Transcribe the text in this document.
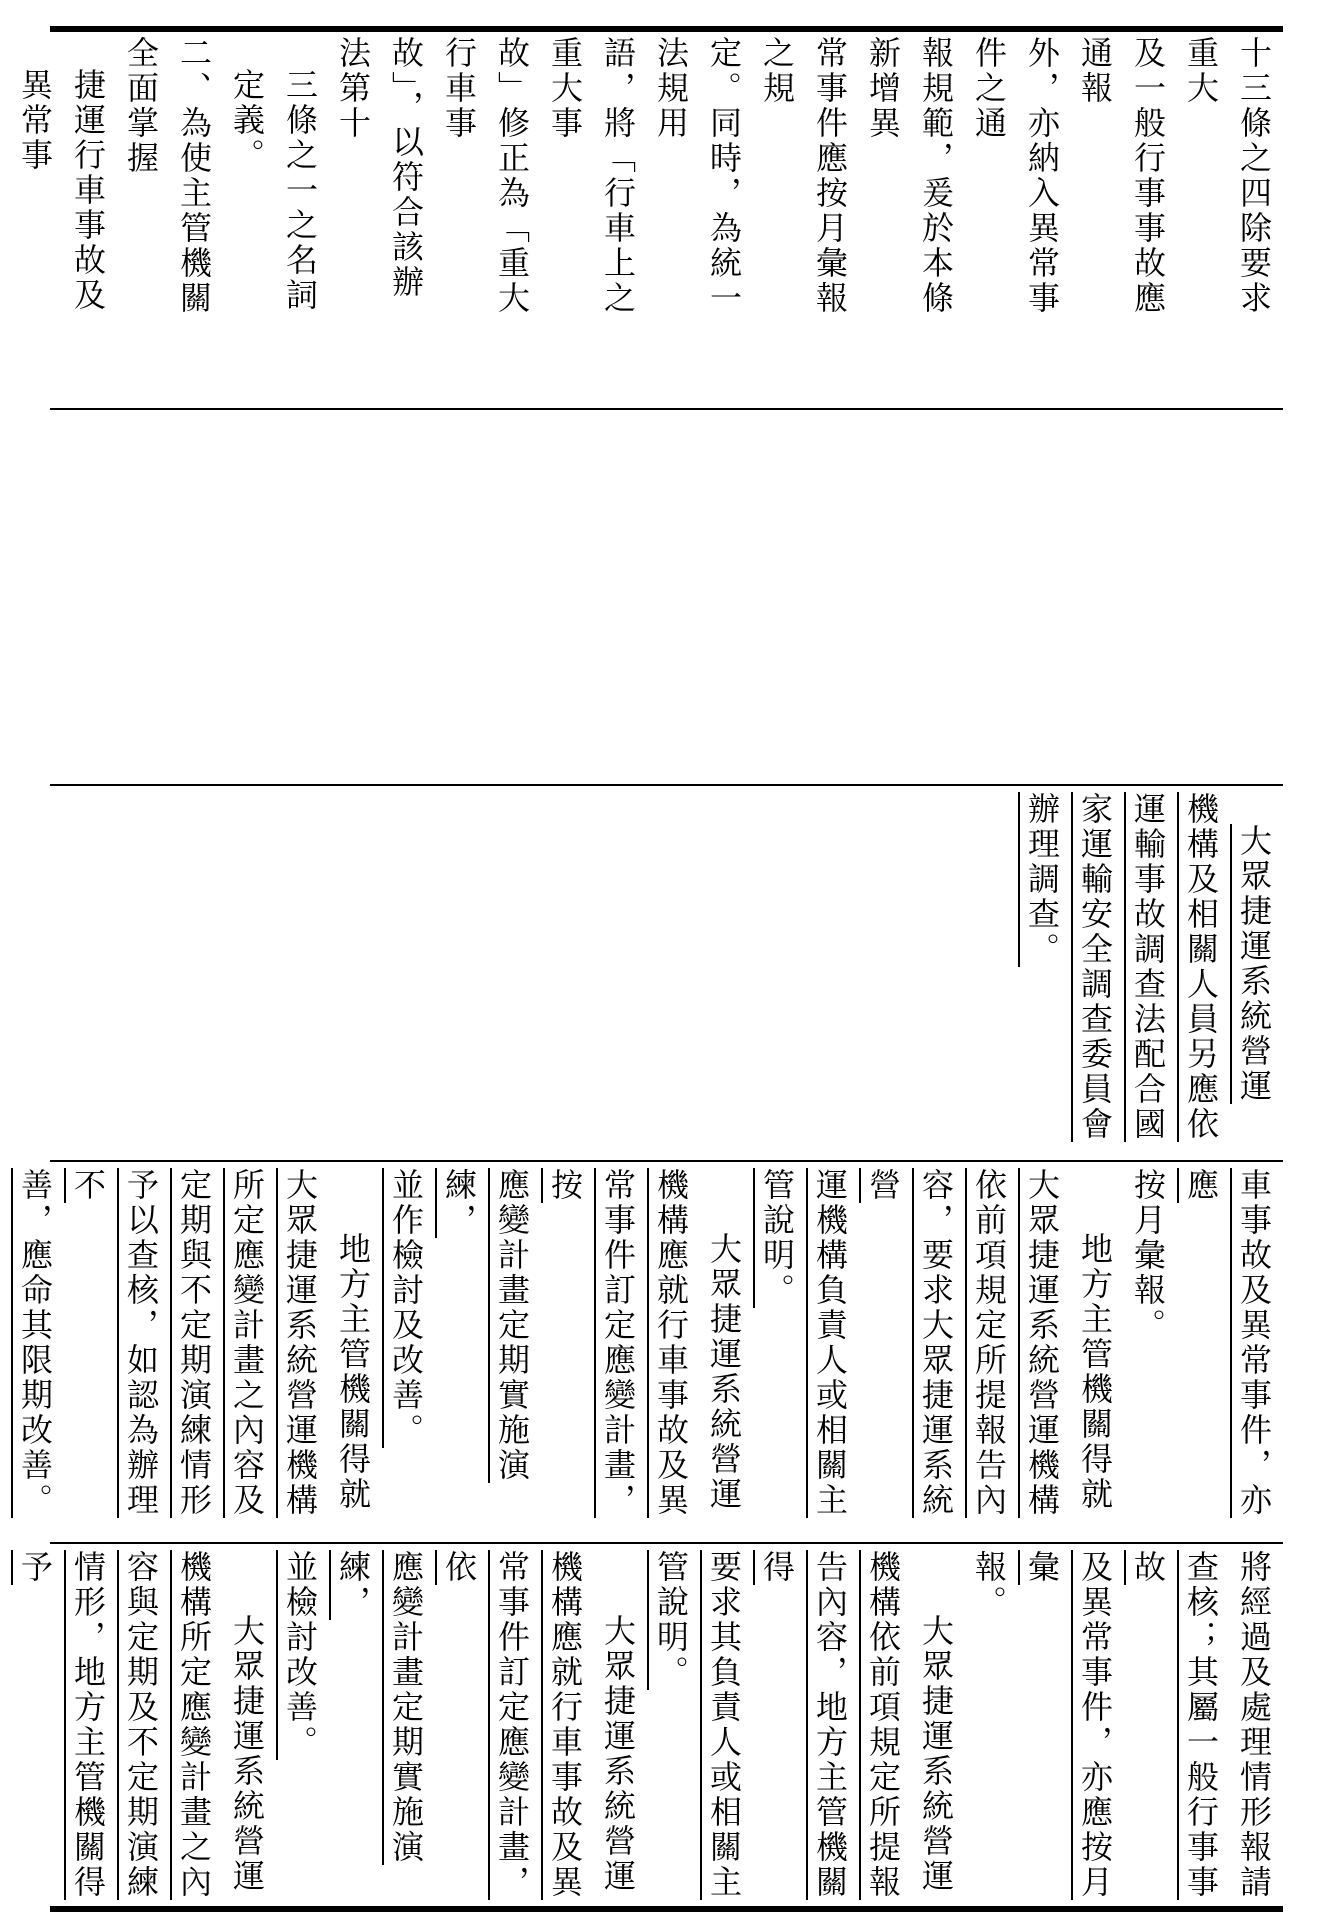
十三條之四除要求重大

及一般行事事故應通報

外，亦納入異常事件之通

報規範，爰於本條新增異

常事件應按月彙報之規

定。同時，為統一法規用

語，將「行車上之重大事

故」修正為「重大行車事

故」，以符合該辦法第十

三條之一之名詞定義。

二、為使主管機關全面掌握

捷運行車事故及異常事

大眾捷運系統營運

機構及相關人員另應依

運輸事故調查法配合國

家運輸安全調查委員會

辦理調查。

車事故及異常事件，亦應

按月彙報。

地方主管機關得就

大眾捷運系統營運機構

依前項規定所提報告內

容，要求大眾捷運系統營

運機構負責人或相關主

管說明。

大眾捷運系統營運

機構應就行車事故及異

常事件訂定應變計畫，按

應變計畫定期實施演練，

並作檢討及改善。

地方主管機關得就

大眾捷運系統營運機構

所定應變計畫之內容及

定期與不定期演練情形

予以查核，如認為辦理不

善，應命其限期改善。

將經過及處理情形報請

查核；其屬一般行事事故

及異常事件，亦應按月彙

報。

大眾捷運系統營運

機構依前項規定所提報

告內容，地方主管機關得

要求其負責人或相關主

管說明。

大眾捷運系統營運

機構應就行車事故及異

常事件訂定應變計畫，依

應變計畫定期實施演練，

並檢討改善。

大眾捷運系統營運

機構所定應變計畫之內

容與定期及不定期演練

情形，地方主管機關得予
